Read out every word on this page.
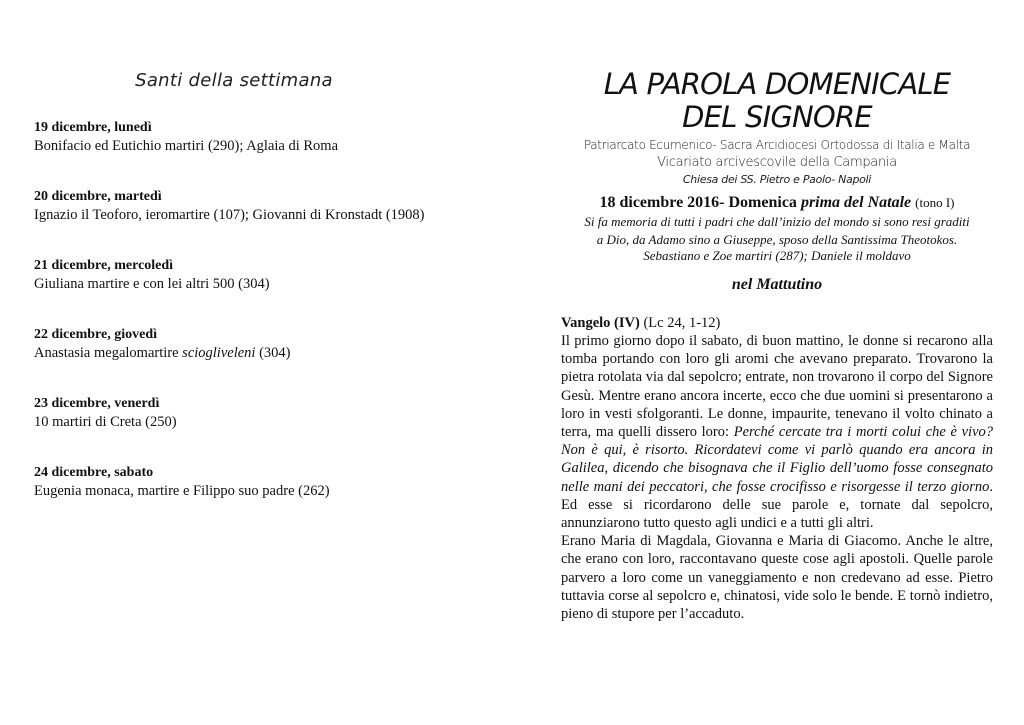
Santi della settimana
19 dicembre, lunedì
Bonifacio ed Eutichio martiri (290); Aglaia di Roma
20 dicembre, martedì
Ignazio il Teoforo, ieromartire (107); Giovanni di Kronstadt (1908)
21 dicembre, mercoledì
Giuliana martire e con lei altri 500 (304)
22 dicembre, giovedì
Anastasia megalomartire sciogliveleni (304)
23 dicembre, venerdì
10 martiri di Creta (250)
24 dicembre, sabato
Eugenia monaca, martire e Filippo suo padre (262)
LA PAROLA DOMENICALE
DEL SIGNORE
Patriarcato Ecumenico- Sacra Arcidiocesi Ortodossa di Italia e Malta
Vicariato arcivescovile della Campania
Chiesa dei SS. Pietro e Paolo- Napoli
18 dicembre 2016- Domenica prima del Natale (tono I)
Si fa memoria di tutti i padri che dall’inizio del mondo si sono resi graditi
a Dio, da Adamo sino a Giuseppe, sposo della Santissima Theotokos.
Sebastiano e Zoe martiri (287); Daniele il moldavo
nel Mattutino
Vangelo (IV) (Lc 24, 1-12)

Il primo giorno dopo il sabato, di buon mattino, le donne si recarono alla tomba portando con loro gli aromi che avevano preparato. Trovarono la pietra rotolata via dal sepolcro; entrate, non trovarono il corpo del Signore Gesù. Mentre erano ancora incerte, ecco che due uomini si presentarono a loro in vesti sfolgoranti. Le donne, impaurite, tenevano il volto chinato a terra, ma quelli dissero loro: Perché cercate tra i morti colui che è vivo? Non è qui, è risorto. Ricordatevi come vi parlò quando era ancora in Galilea, dicendo che bisognava che il Figlio dell’uomo fosse consegnato nelle mani dei peccatori, che fosse crocifisso e risorgesse il terzo giorno. Ed esse si ricordarono delle sue parole e, tornate dal sepolcro, annunziarono tutto questo agli undici e a tutti gli altri.

Erano Maria di Magdala, Giovanna e Maria di Giacomo. Anche le altre, che erano con loro, raccontavano queste cose agli apostoli. Quelle parole parvero a loro come un vaneggiamento e non credevano ad esse. Pietro tuttavia corse al sepolcro e, chinatosi, vide solo le bende. E tornò indietro, pieno di stupore per l’accaduto.
